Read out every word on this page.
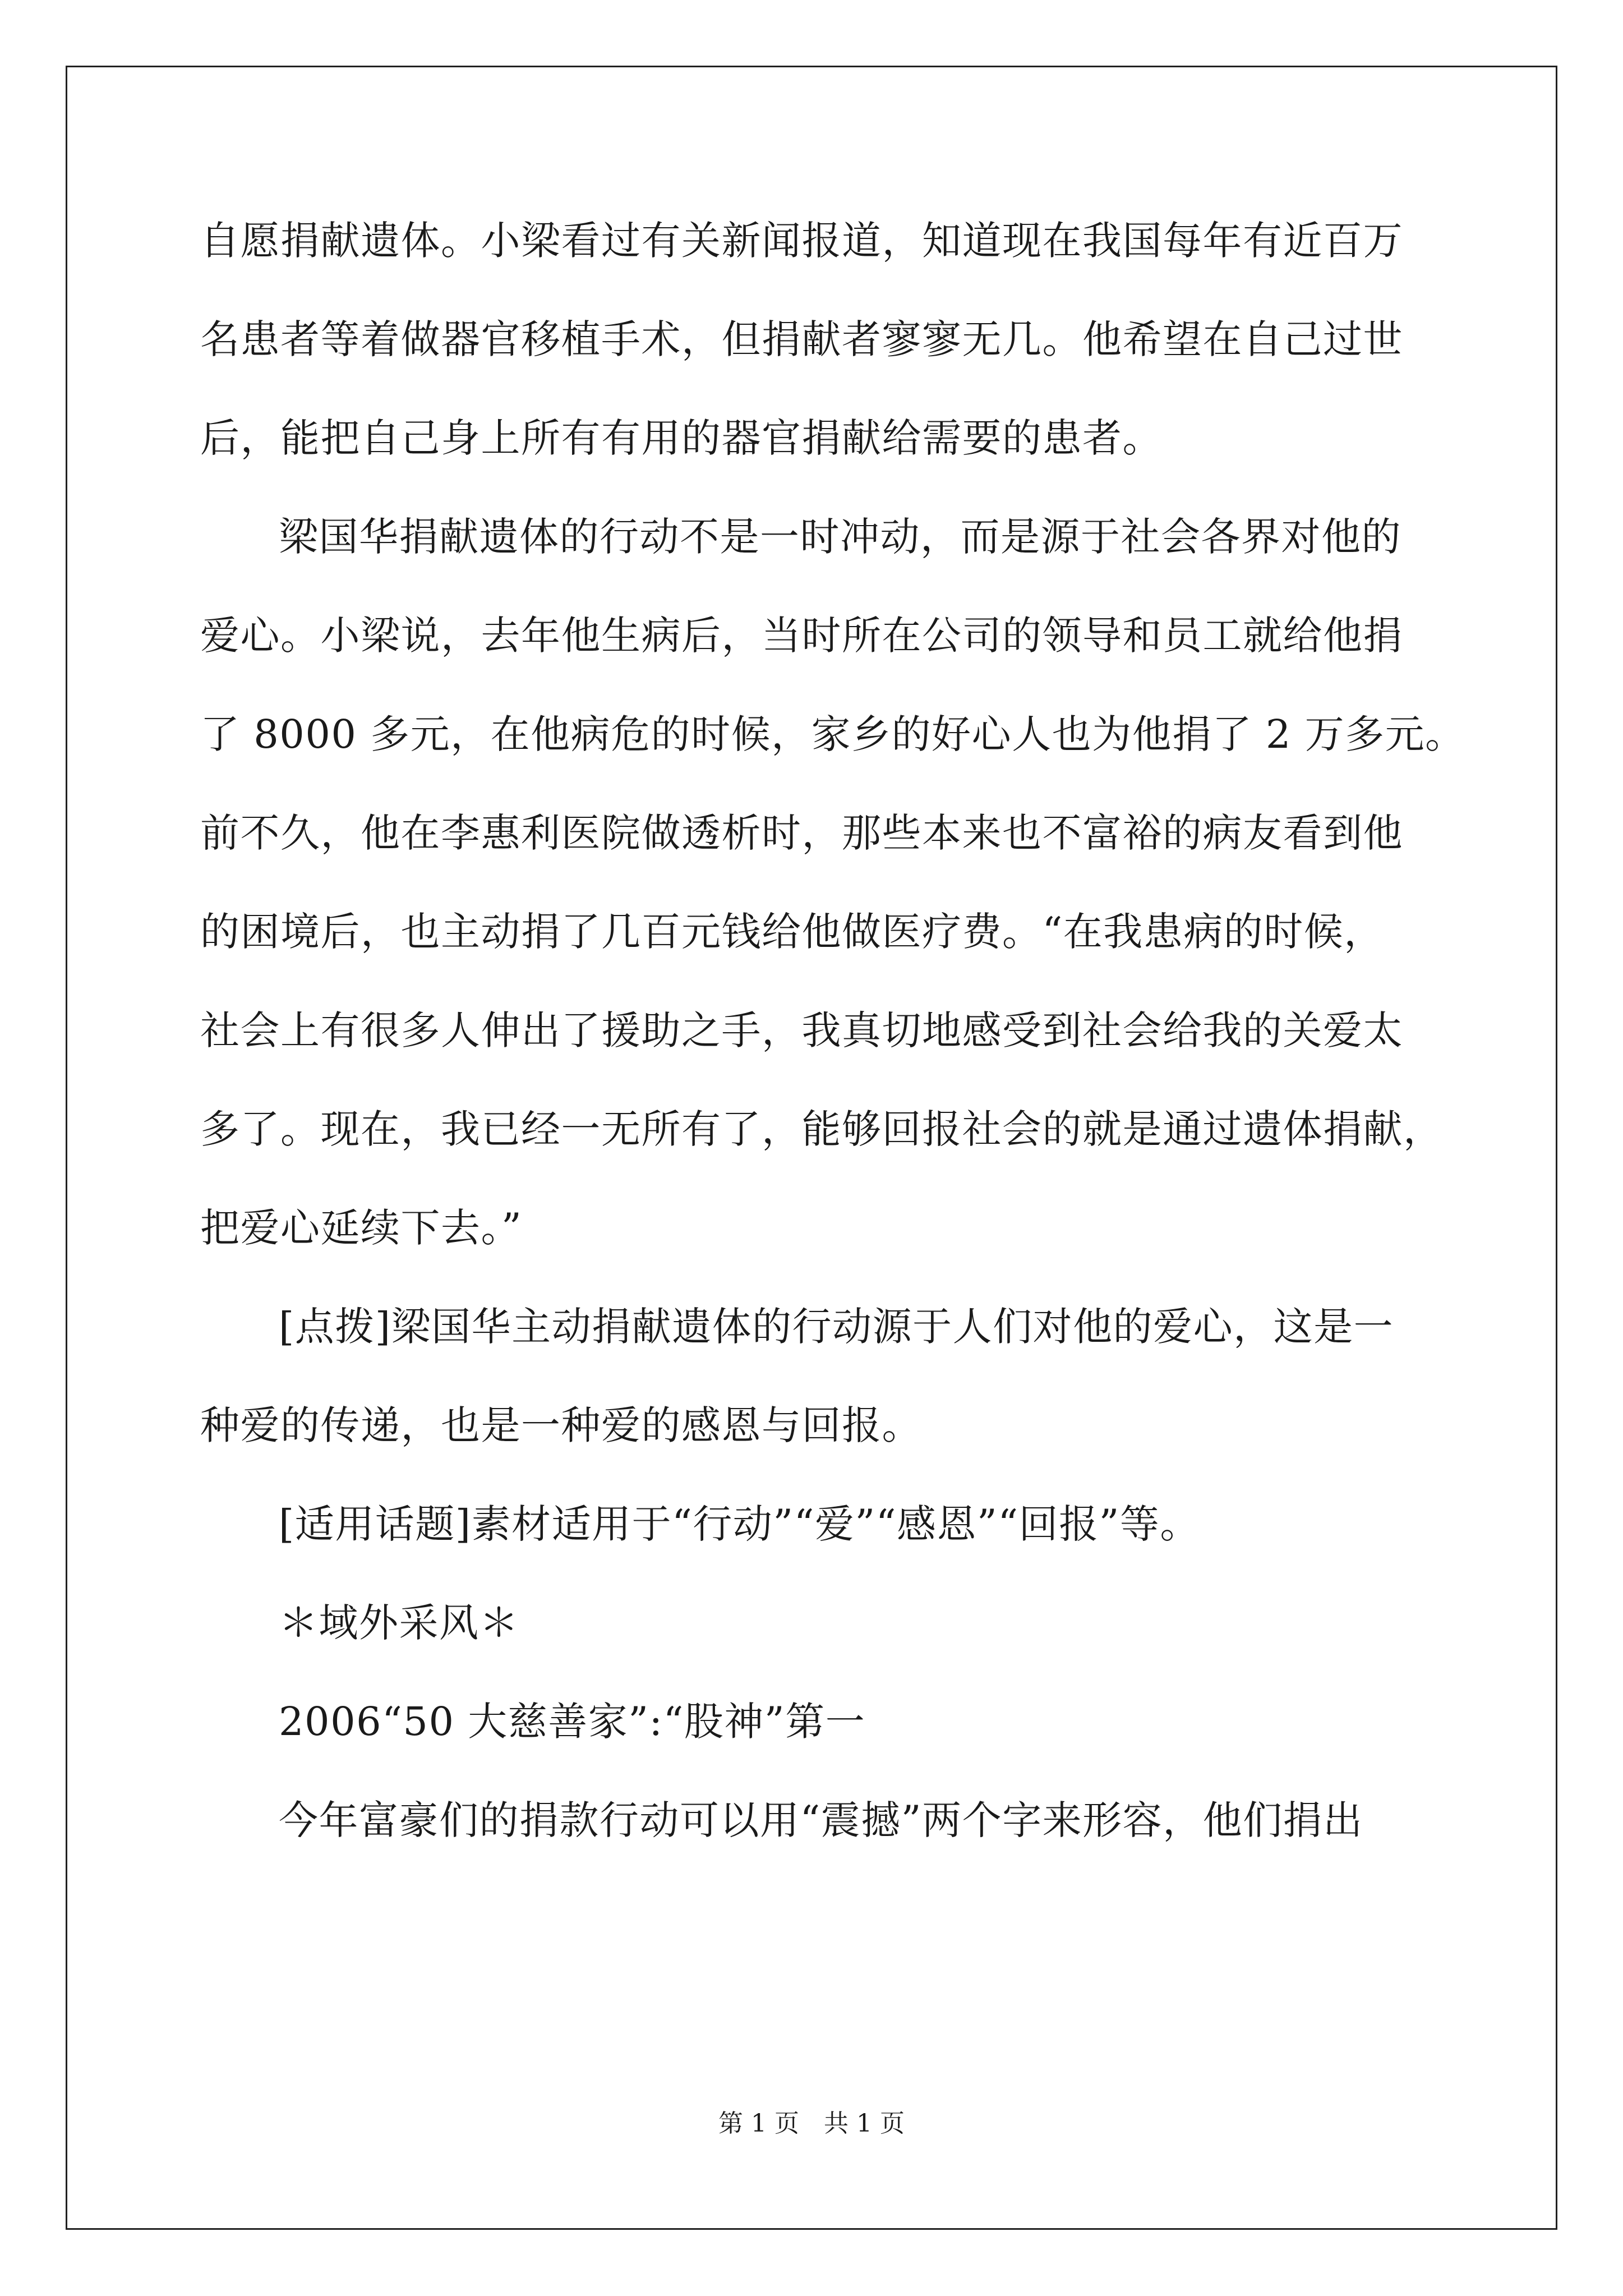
自愿捐献遗体。小梁看过有关新闻报道，知道现在我国每年有近百万
名患者等着做器官移植手术，但捐献者寥寥无几。他希望在自己过世
后，能把自己身上所有有用的器官捐献给需要的患者。
梁国华捐献遗体的行动不是一时冲动，而是源于社会各界对他的
爱心。小梁说，去年他生病后，当时所在公司的领导和员工就给他捐
了 8000 多元，在他病危的时候，家乡的好心人也为他捐了 2 万多元。
前不久，他在李惠利医院做透析时，那些本来也不富裕的病友看到他
的困境后，也主动捐了几百元钱给他做医疗费。“在我患病的时候，
社会上有很多人伸出了援助之手，我真切地感受到社会给我的关爱太
多了。现在，我已经一无所有了，能够回报社会的就是通过遗体捐献，
把爱心延续下去。”
[点拨]梁国华主动捐献遗体的行动源于人们对他的爱心，这是一
种爱的传递，也是一种爱的感恩与回报。
[适用话题]素材适用于“行动”“爱”“感恩”“回报”等。
＊域外采风＊
2006“50 大慈善家”:“股神”第一
今年富豪们的捐款行动可以用“震撼”两个字来形容，他们捐出
第 1 页　共 1 页
